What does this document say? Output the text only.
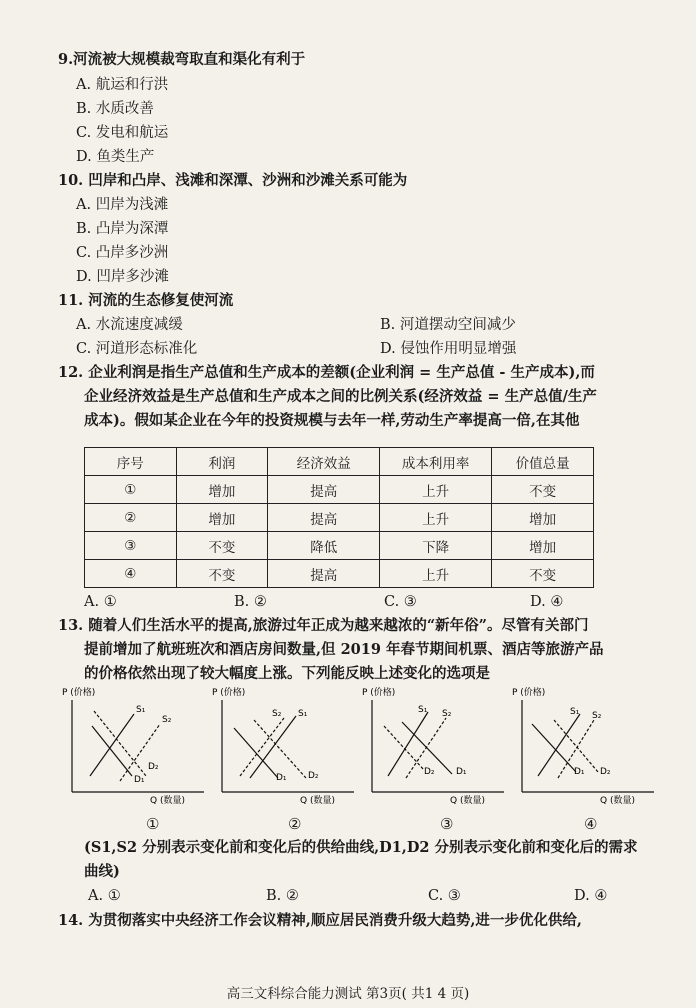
9.河流被大规模裁弯取直和渠化有利于
A. 航运和行洪
B. 水质改善
C. 发电和航运
D. 鱼类生产
10. 凹岸和凸岸、浅滩和深潭、沙洲和沙滩关系可能为
A. 凹岸为浅滩
B. 凸岸为深潭
C. 凸岸多沙洲
D. 凹岸多沙滩
11. 河流的生态修复使河流
A. 水流速度减缓	B. 河道摆动空间减少
C. 河道形态标准化	D. 侵蚀作用明显增强
12. 企业利润是指生产总值和生产成本的差额(企业利润 = 生产总值 - 生产成本),而
企业经济效益是生产总值和生产成本之间的比例关系(经济效益 = 生产总值/生产
成本)。假如某企业在今年的投资规模与去年一样,劳动生产率提高一倍,在其他
序号	利润	经济效益	成本利用率	价值总量
①	增加	提高	上升	不变
②	增加	提高	上升	增加
③	不变	降低	下降	增加
④	不变	提高	上升	不变
A. ①	B. ②	C. ③	D. ④
13. 随着人们生活水平的提高,旅游过年正成为越来越浓的“新年俗”。尽管有关部门
提前增加了航班班次和酒店房间数量,但 2019 年春节期间机票、酒店等旅游产品
的价格依然出现了较大幅度上涨。下列能反映上述变化的选项是
P (价格)
Q (数量)
S₁
S₂
D₂
D₁
P (价格)
Q (数量)
S₁
S₂
D₂
D₁
P (价格)
Q (数量)
S₁ S₂
D₂ D₁
P (价格)
Q (数量)
S₁ S₂
D₂
D₁
①	②	③	④
(S1,S2 分别表示变化前和变化后的供给曲线,D1,D2 分别表示变化前和变化后的需求
曲线)
A. ①	B. ②	C. ③	D. ④
14. 为贯彻落实中央经济工作会议精神,顺应居民消费升级大趋势,进一步优化供给,
高三文科综合能力测试 第3页( 共1 4 页)
